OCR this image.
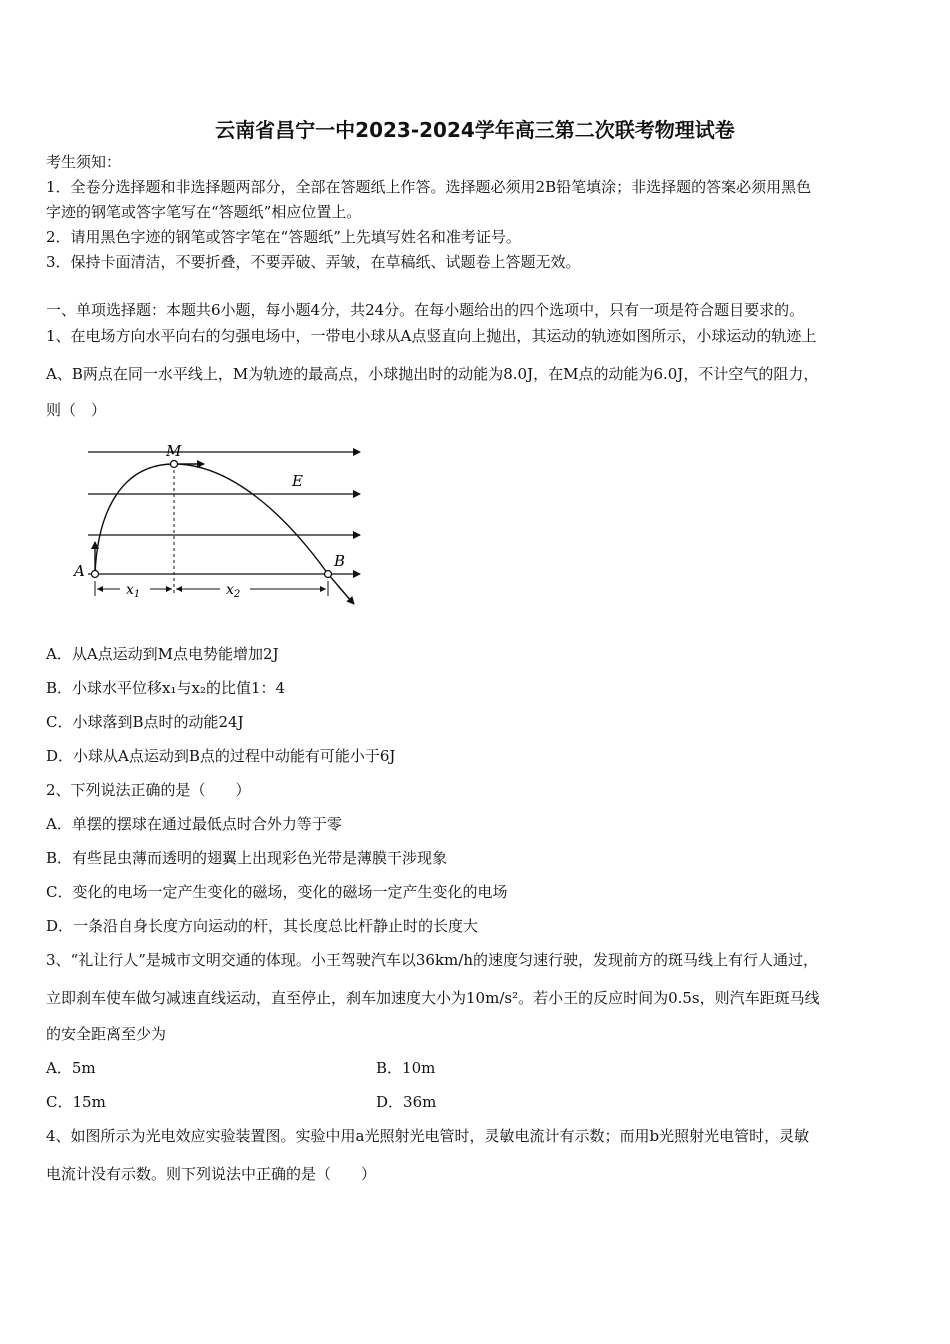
云南省昌宁一中2023-2024学年高三第二次联考物理试卷
考生须知：
1．全卷分选择题和非选择题两部分，全部在答题纸上作答。选择题必须用2B铅笔填涂；非选择题的答案必须用黑色
字迹的钢笔或答字笔写在“答题纸”相应位置上。
2．请用黑色字迹的钢笔或答字笔在“答题纸”上先填写姓名和准考证号。
3．保持卡面清洁，不要折叠，不要弄破、弄皱，在草稿纸、试题卷上答题无效。
一、单项选择题：本题共6小题，每小题4分，共24分。在每小题给出的四个选项中，只有一项是符合题目要求的。
1、在电场方向水平向右的匀强电场中，一带电小球从A点竖直向上抛出，其运动的轨迹如图所示，小球运动的轨迹上
A、B两点在同一水平线上，M为轨迹的最高点，小球抛出时的动能为8.0J，在M点的动能为6.0J，不计空气的阻力，
则（　）
M
E
A
B
$x_1$	$x_2$
A．从A点运动到M点电势能增加2J
B．小球水平位移x₁与x₂的比值1：4
C．小球落到B点时的动能24J
D．小球从A点运动到B点的过程中动能有可能小于6J
2、下列说法正确的是（　　）
A．单摆的摆球在通过最低点时合外力等于零
B．有些昆虫薄而透明的翅翼上出现彩色光带是薄膜干涉现象
C．变化的电场一定产生变化的磁场，变化的磁场一定产生变化的电场
D．一条沿自身长度方向运动的杆，其长度总比杆静止时的长度大
3、“礼让行人”是城市文明交通的体现。小王驾驶汽车以36km/h的速度匀速行驶，发现前方的斑马线上有行人通过，
立即刹车使车做匀减速直线运动，直至停止，刹车加速度大小为10m/s²。若小王的反应时间为0.5s，则汽车距斑马线
的安全距离至少为
A．5m	B．10m
C．15m	D．36m
4、如图所示为光电效应实验装置图。实验中用a光照射光电管时，灵敏电流计有示数；而用b光照射光电管时，灵敏
电流计没有示数。则下列说法中正确的是（　　）
